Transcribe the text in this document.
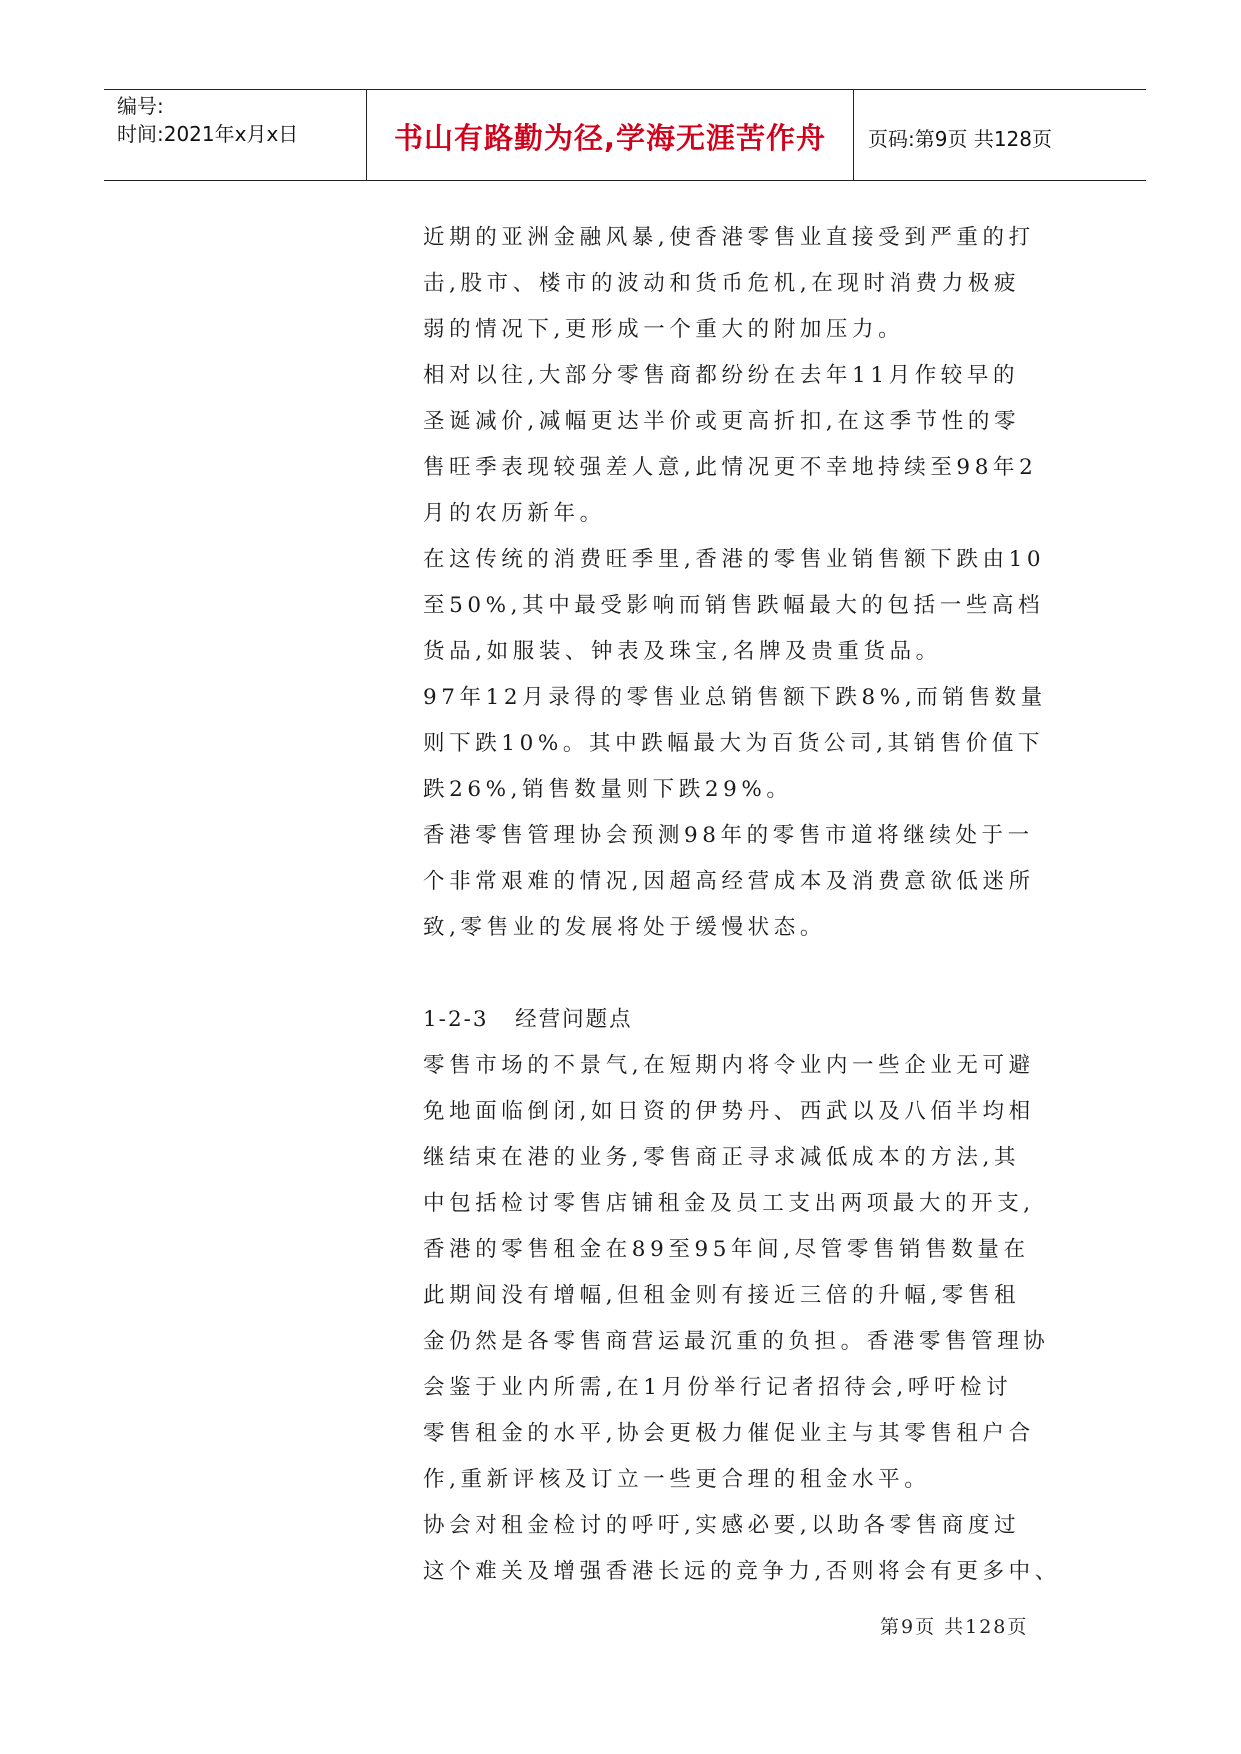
编号:
时间:2021年x月x日	书山有路勤为径,学海无涯苦作舟	页码:第9页 共128页
近期的亚洲金融风暴,使香港零售业直接受到严重的打
击,股市、楼市的波动和货币危机,在现时消费力极疲
弱的情况下,更形成一个重大的附加压力。
相对以往,大部分零售商都纷纷在去年11月作较早的
圣诞减价,减幅更达半价或更高折扣,在这季节性的零
售旺季表现较强差人意,此情况更不幸地持续至98年2
月的农历新年。
在这传统的消费旺季里,香港的零售业销售额下跌由10
至50%,其中最受影响而销售跌幅最大的包括一些高档
货品,如服装、钟表及珠宝,名牌及贵重货品。
97年12月录得的零售业总销售额下跌8%,而销售数量
则下跌10%。其中跌幅最大为百货公司,其销售价值下
跌26%,销售数量则下跌29%。
香港零售管理协会预测98年的零售市道将继续处于一
个非常艰难的情况,因超高经营成本及消费意欲低迷所
致,零售业的发展将处于缓慢状态。
1-2-3   经营问题点
零售市场的不景气,在短期内将令业内一些企业无可避
免地面临倒闭,如日资的伊势丹、西武以及八佰半均相
继结束在港的业务,零售商正寻求减低成本的方法,其
中包括检讨零售店铺租金及员工支出两项最大的开支,
香港的零售租金在89至95年间,尽管零售销售数量在
此期间没有增幅,但租金则有接近三倍的升幅,零售租
金仍然是各零售商营运最沉重的负担。香港零售管理协
会鉴于业内所需,在1月份举行记者招待会,呼吁检讨
零售租金的水平,协会更极力催促业主与其零售租户合
作,重新评核及订立一些更合理的租金水平。
协会对租金检讨的呼吁,实感必要,以助各零售商度过
这个难关及增强香港长远的竞争力,否则将会有更多中、
第9页 共128页
